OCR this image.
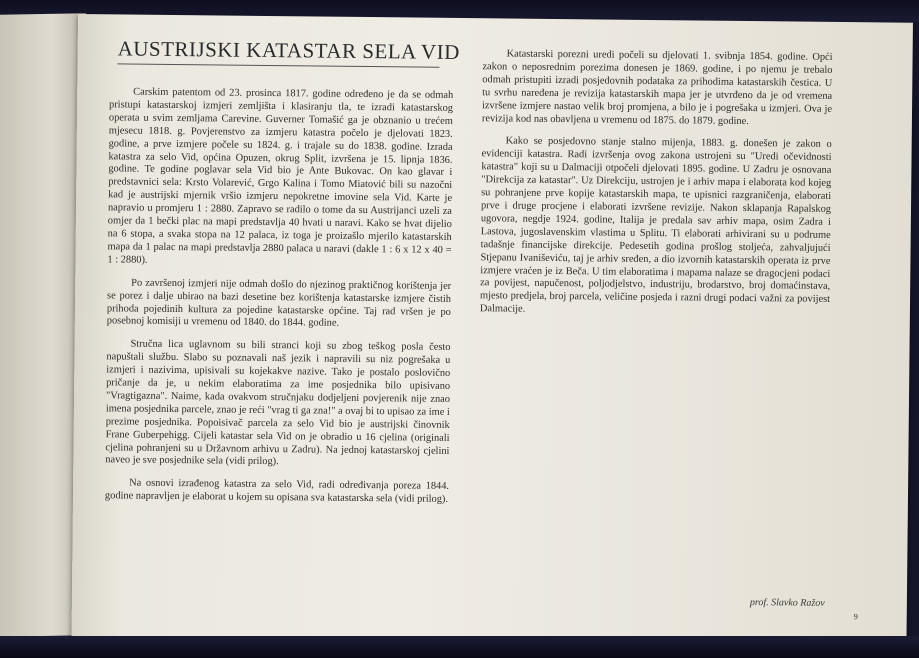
AUSTRIJSKI KATASTAR SELA VID

Carskim patentom od 23. prosinca 1817. godine određeno je da se odmah pristupi katastarskoj izmjeri zemljišta i klasiranju tla, te izradi katastarskog operata u svim zemljama Carevine. Guverner Tomašić ga je obznanio u trećem mjesecu 1818. g. Povjerenstvo za izmjeru katastra počelo je djelovati 1823. godine, a prve izmjere počele su 1824. g. i trajale su do 1838. godine. Izrada katastra za selo Vid, općina Opuzen, okrug Split, izvršena je 15. lipnja 1836. godine. Te godine poglavar sela Vid bio je Ante Bukovac. On kao glavar i predstavnici sela: Krsto Volarević, Grgo Kalina i Tomo Miatović bili su nazočni kad je austrijski mjernik vršio izmjeru nepokretne imovine sela Vid. Karte je napravio u promjeru 1 : 2880. Zapravo se radilo o tome da su Austrijanci uzeli za omjer da 1 bečki plac na mapi predstavlja 40 hvati u naravi. Kako se hvat dijelio na 6 stopa, a svaka stopa na 12 palaca, iz toga je proizašlo mjerilo katastarskih mapa da 1 palac na mapi predstavlja 2880 palaca u naravi (dakle 1 : 6 x 12 x 40 = 1 : 2880).

Po završenoj izmjeri nije odmah došlo do njezinog praktičnog korištenja jer se porez i dalje ubirao na bazi desetine bez korištenja katastarske izmjere čistih prihoda pojedinih kultura za pojedine katastarske općine. Taj rad vršen je po posebnoj komisiji u vremenu od 1840. do 1844. godine.

Stručna lica uglavnom su bili stranci koji su zbog teškog posla često napuštali službu. Slabo su poznavali naš jezik i napravili su niz pogrešaka u izmjeri i nazivima, upisivali su kojekakve nazive. Tako je postalo poslovično pričanje da je, u nekim elaboratima za ime posjednika bilo upisivano "Vragtigazna". Naime, kada ovakvom stručnjaku dodjeljeni povjerenik nije znao imena posjednika parcele, znao je reći "vrag ti ga zna!" a ovaj bi to upisao za ime i prezime posjednika. Popoisivač parcela za selo Vid bio je austrijski činovnik Frane Guberpehigg. Cijeli katastar sela Vid on je obradio u 16 cjelina (originali cjelina pohranjeni su u Državnom arhivu u Zadru). Na jednoj katastarskoj cjelini naveo je sve posjednike sela (vidi prilog).

Na osnovi izrađenog katastra za selo Vid, radi određivanja poreza 1844. godine napravljen je elaborat u kojem su opisana sva katastarska sela (vidi prilog).

Katastarski porezni uredi počeli su djelovati 1. svibnja 1854. godine. Opći zakon o neposrednim porezima donesen je 1869. godine, i po njemu je trebalo odmah pristupiti izradi posjedovnih podataka za prihodima katastarskih čestica. U tu svrhu naređena je revizija katastarskih mapa jer je utvrđeno da je od vremena izvršene izmjere nastao velik broj promjena, a bilo je i pogrešaka u izmjeri. Ova je revizija kod nas obavljena u vremenu od 1875. do 1879. godine.

Kako se posjedovno stanje stalno mijenja, 1883. g. donešen je zakon o evidenciji katastra. Radi izvršenja ovog zakona ustrojeni su "Uredi očevidnosti katastra" koji su u Dalmaciji otpočeli djelovati 1895. godine. U Zadru je osnovana "Direkcija za katastar". Uz Direkciju, ustrojen je i arhiv mapa i elaborata kod kojeg su pohranjene prve kopije katastarskih mapa, te upisnici razgraničenja, elaborati prve i druge procjene i elaborati izvršene revizije. Nakon sklapanja Rapalskog ugovora, negdje 1924. godine, Italija je predala sav arhiv mapa, osim Zadra i Lastova, jugoslavenskim vlastima u Splitu. Ti elaborati arhivirani su u podrume tadašnje financijske direkcije. Pedesetih godina prošlog stoljeća, zahvaljujući Stjepanu Ivaniševiću, taj je arhiv sređen, a dio izvornih katastarskih operata iz prve izmjere vraćen je iz Beča. U tim elaboratima i mapama nalaze se dragocjeni podaci za povijest, napučenost, poljodjelstvo, industriju, brodarstvo, broj domaćinstava, mjesto predjela, broj parcela, veličine posjeda i razni drugi podaci važni za povijest Dalmacije.

prof. Slavko Ražov
9
